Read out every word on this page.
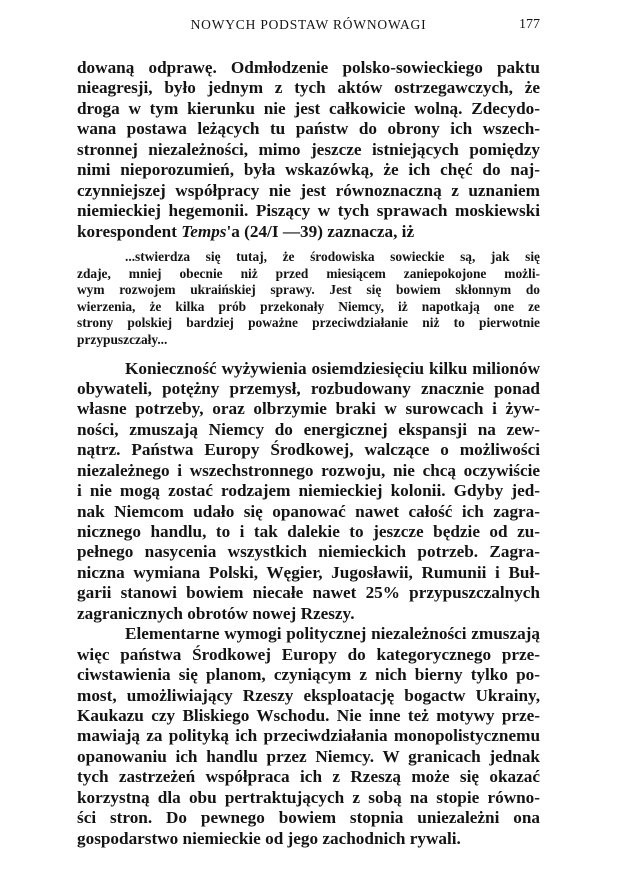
NOWYCH PODSTAW RÓWNOWAGI	177
dowaną odprawę. Odmłodzenie polsko-sowieckiego paktu
nieagresji, było jednym z tych aktów ostrzegawczych, że
droga w tym kierunku nie jest całkowicie wolną. Zdecydo-
wana postawa leżących tu państw do obrony ich wszech-
stronnej niezależności, mimo jeszcze istniejących pomiędzy
nimi nieporozumień, była wskazówką, że ich chęć do naj-
czynniejszej współpracy nie jest równoznaczną z uznaniem
niemieckiej hegemonii. Piszący w tych sprawach moskiewski
korespondent Temps'a (24/I —39) zaznacza, iż
...stwierdza się tutaj, że środowiska sowieckie są, jak się
zdaje, mniej obecnie niż przed miesiącem zaniepokojone możli-
wym rozwojem ukraińskiej sprawy. Jest się bowiem skłonnym do
wierzenia, że kilka prób przekonały Niemcy, iż napotkają one ze
strony polskiej bardziej poważne przeciwdziałanie niż to pierwotnie
przypuszczały...
Konieczność wyżywienia osiemdziesięciu kilku milionów
obywateli, potężny przemysł, rozbudowany znacznie ponad
własne potrzeby, oraz olbrzymie braki w surowcach i żyw-
ności, zmuszają Niemcy do energicznej ekspansji na zew-
nątrz. Państwa Europy Środkowej, walczące o możliwości
niezależnego i wszechstronnego rozwoju, nie chcą oczywiście
i nie mogą zostać rodzajem niemieckiej kolonii. Gdyby jed-
nak Niemcom udało się opanować nawet całość ich zagra-
nicznego handlu, to i tak dalekie to jeszcze będzie od zu-
pełnego nasycenia wszystkich niemieckich potrzeb. Zagra-
niczna wymiana Polski, Węgier, Jugosławii, Rumunii i Buł-
garii stanowi bowiem niecałe nawet 25% przypuszczalnych
zagranicznych obrotów nowej Rzeszy.
Elementarne wymogi politycznej niezależności zmuszają
więc państwa Środkowej Europy do kategorycznego prze-
ciwstawienia się planom, czyniącym z nich bierny tylko po-
most, umożliwiający Rzeszy eksploatację bogactw Ukrainy,
Kaukazu czy Bliskiego Wschodu. Nie inne też motywy prze-
mawiają za polityką ich przeciwdziałania monopolistycznemu
opanowaniu ich handlu przez Niemcy. W granicach jednak
tych zastrzeżeń współpraca ich z Rzeszą może się okazać
korzystną dla obu pertraktujących z sobą na stopie równo-
ści stron. Do pewnego bowiem stopnia uniezależni ona
gospodarstwo niemieckie od jego zachodnich rywali.
